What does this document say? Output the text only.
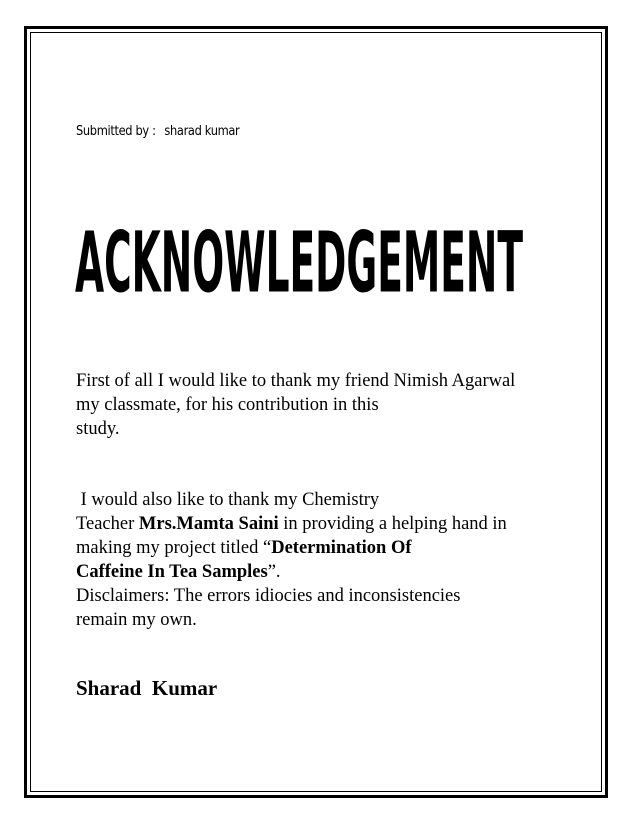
Submitted by : sharad kumar
ACKNOWLEDGEMENT
First of all I would like to thank my friend Nimish Agarwal
my classmate, for his contribution in this
study.
I would also like to thank my Chemistry
Teacher Mrs.Mamta Saini in providing a helping hand in
making my project titled “Determination Of
Caffeine In Tea Samples”.
Disclaimers: The errors idiocies and inconsistencies
remain my own.
Sharad  Kumar
